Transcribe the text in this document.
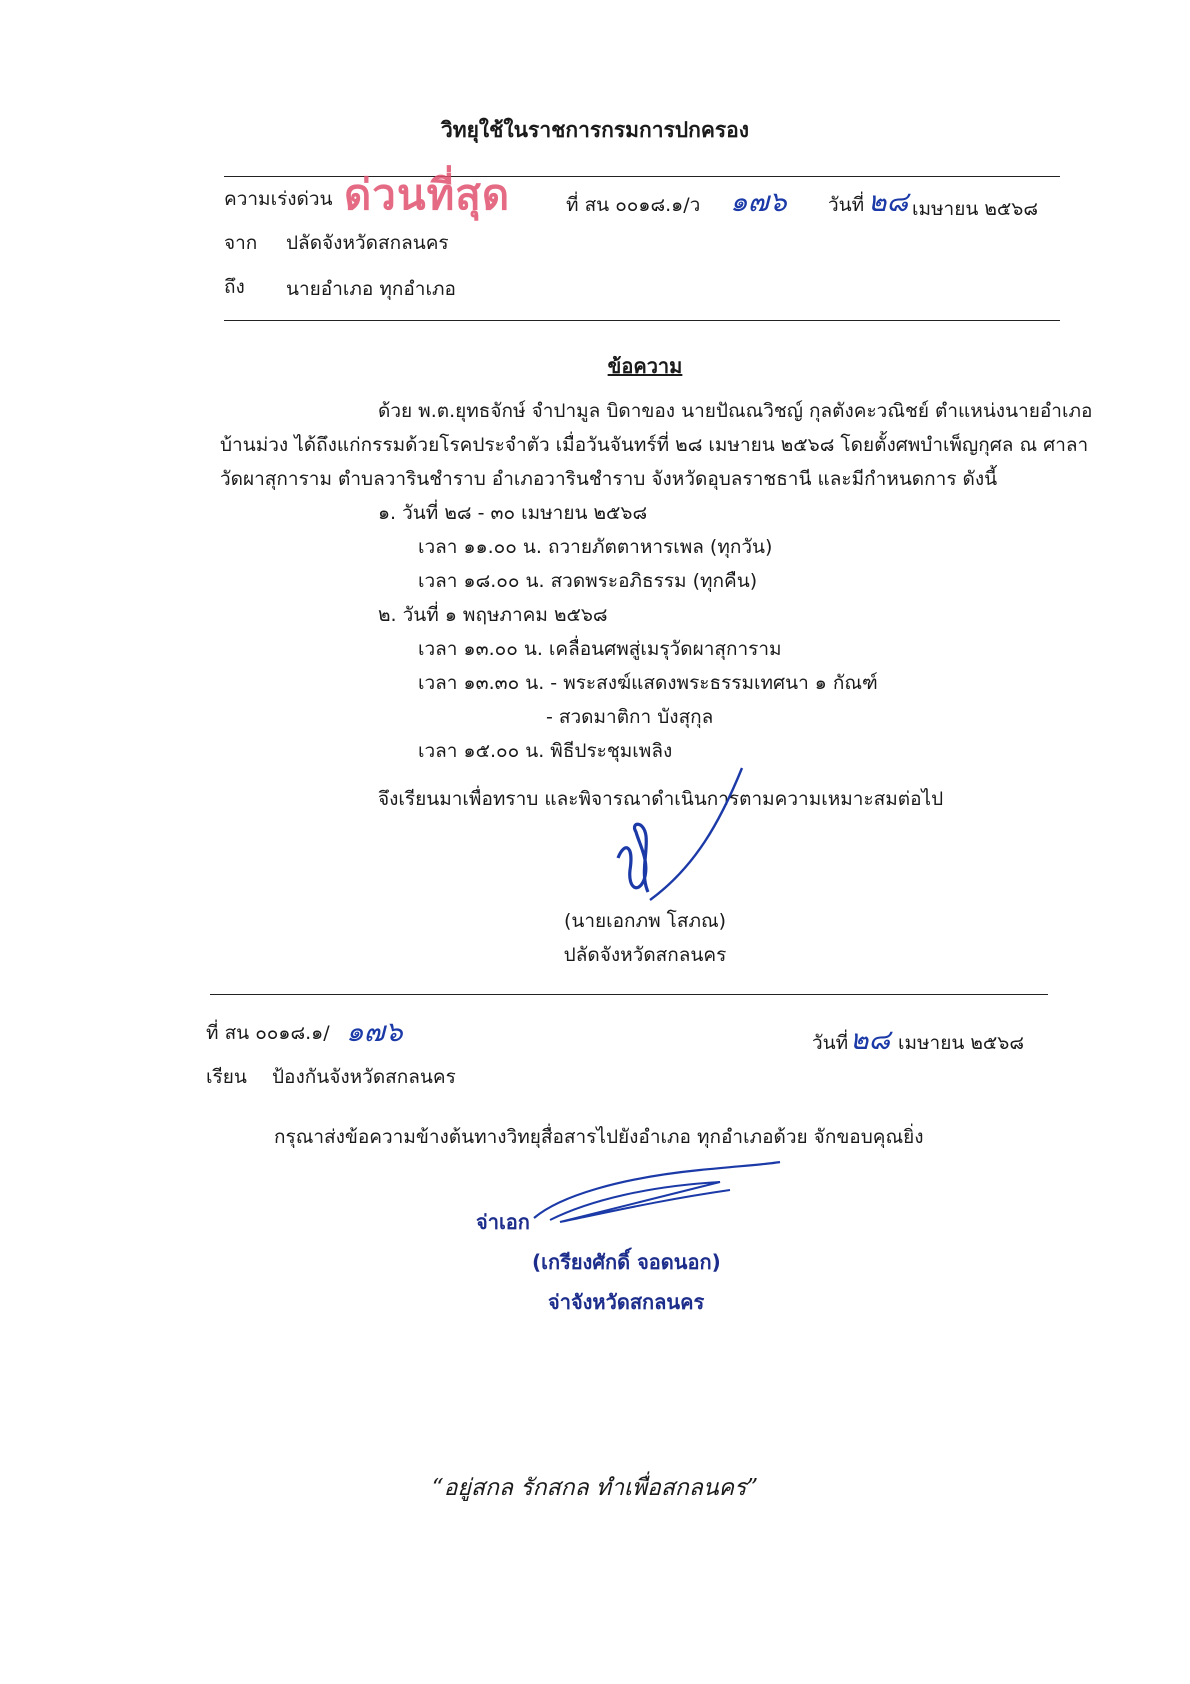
วิทยุใช้ในราชการกรมการปกครอง
ความเร่งด่วน ด่วนที่สุด	ที่ สน ๐๐๑๘.๑/ว ๑๗๖ วันที่ ๒๘ เมษายน ๒๕๖๘
จาก ปลัดจังหวัดสกลนคร
ถึง นายอำเภอ ทุกอำเภอ
ข้อความ
ด้วย พ.ต.ยุทธจักษ์ จำปามูล บิดาของ นายปัณณวิชญ์ กุลตังคะวณิชย์ ตำแหน่งนายอำเภอ
บ้านม่วง ได้ถึงแก่กรรมด้วยโรคประจำตัว เมื่อวันจันทร์ที่ ๒๘ เมษายน ๒๕๖๘ โดยตั้งศพบำเพ็ญกุศล ณ ศาลา
วัดผาสุการาม ตำบลวารินชำราบ อำเภอวารินชำราบ จังหวัดอุบลราชธานี และมีกำหนดการ ดังนี้
๑. วันที่ ๒๘ - ๓๐ เมษายน ๒๕๖๘
เวลา ๑๑.๐๐ น. ถวายภัตตาหารเพล (ทุกวัน)
เวลา ๑๘.๐๐ น. สวดพระอภิธรรม (ทุกคืน)
๒. วันที่ ๑ พฤษภาคม ๒๕๖๘
เวลา ๑๓.๐๐ น. เคลื่อนศพสู่เมรุวัดผาสุการาม
เวลา ๑๓.๓๐ น. - พระสงฆ์แสดงพระธรรมเทศนา ๑ กัณฑ์
- สวดมาติกา บังสุกุล
เวลา ๑๕.๐๐ น. พิธีประชุมเพลิง
จึงเรียนมาเพื่อทราบ และพิจารณาดำเนินการตามความเหมาะสมต่อไป
(นายเอกภพ โสภณ)
ปลัดจังหวัดสกลนคร
ที่ สน ๐๐๑๘.๑/ ๑๗๖	วันที่ ๒๘ เมษายน ๒๕๖๘
เรียน ป้องกันจังหวัดสกลนคร
กรุณาส่งข้อความข้างต้นทางวิทยุสื่อสารไปยังอำเภอ ทุกอำเภอด้วย จักขอบคุณยิ่ง
จ่าเอก
(เกรียงศักดิ์ จอดนอก)
จ่าจังหวัดสกลนคร
“อยู่สกล รักสกล ทำเพื่อสกลนคร”
